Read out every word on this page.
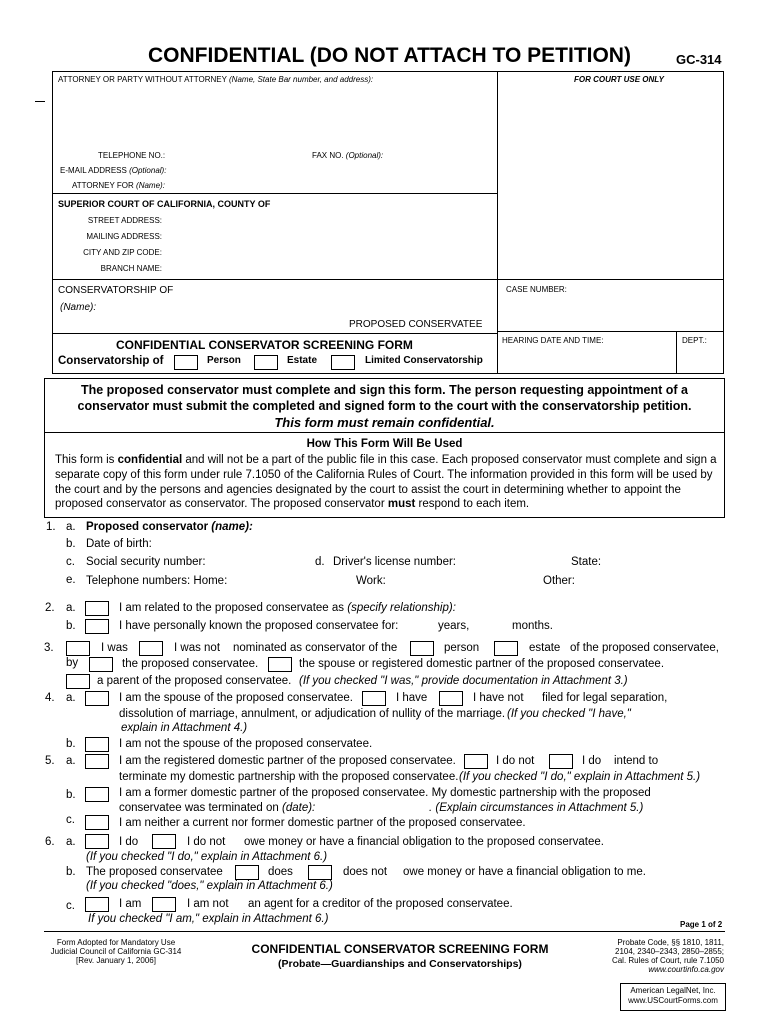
CONFIDENTIAL (DO NOT ATTACH TO PETITION)	GC-314
ATTORNEY OR PARTY WITHOUT ATTORNEY (Name, State Bar number, and address):	FOR COURT USE ONLY
TELEPHONE NO.:	FAX NO. (Optional):
E-MAIL ADDRESS (Optional):
ATTORNEY FOR (Name):
SUPERIOR COURT OF CALIFORNIA, COUNTY OF
STREET ADDRESS:
MAILING ADDRESS:
CITY AND ZIP CODE:
BRANCH NAME:
CONSERVATORSHIP OF
(Name):
PROPOSED CONSERVATEE
CASE NUMBER:
HEARING DATE AND TIME:	DEPT.:
CONFIDENTIAL CONSERVATOR SCREENING FORM
Conservatorship of	Person	Estate	Limited Conservatorship
The proposed conservator must complete and sign this form. The person requesting appointment of a
conservator must submit the completed and signed form to the court with the conservatorship petition.
This form must remain confidential.
How This Form Will Be Used
This form is confidential and will not be a part of the public file in this case. Each proposed conservator must complete and sign a
separate copy of this form under rule 7.1050 of the California Rules of Court. The information provided in this form will be used by
the court and by the persons and agencies designated by the court to assist the court in determining whether to appoint the
proposed conservator as conservator. The proposed conservator must respond to each item.
1. a. Proposed conservator (name):
b. Date of birth:
c. Social security number:	d. Driver's license number:	State:
e. Telephone numbers: Home:	Work:	Other:
2. a.	I am related to the proposed conservatee as (specify relationship):
b.	I have personally known the proposed conservatee for:	years,	months.
3.	I was	I was not nominated as conservator of the	person	estate of the proposed conservatee,
by	the proposed conservatee.	the spouse or registered domestic partner of the proposed conservatee.
a parent of the proposed conservatee. (If you checked "I was," provide documentation in Attachment 3.)
4. a.	I am the spouse of the proposed conservatee.	I have	I have not filed for legal separation,
dissolution of marriage, annulment, or adjudication of nullity of the marriage. (If you checked "I have,"
explain in Attachment 4.)
b.	I am not the spouse of the proposed conservatee.
5. a.	I am the registered domestic partner of the proposed conservatee.	I do not	I do intend to
terminate my domestic partnership with the proposed conservatee. (If you checked "I do," explain in Attachment 5.)
b.	I am a former domestic partner of the proposed conservatee. My domestic partnership with the proposed
conservatee was terminated on (date):	. (Explain circumstances in Attachment 5.)
c.	I am neither a current nor former domestic partner of the proposed conservatee.
6. a.	I do	I do not owe money or have a financial obligation to the proposed conservatee.
(If you checked "I do," explain in Attachment 6.)
b. The proposed conservatee	does	does not owe money or have a financial obligation to me.
(If you checked "does," explain in Attachment 6.)
c.	I am	I am not an agent for a creditor of the proposed conservatee.
If you checked "I am," explain in Attachment 6.)	Page 1 of 2
Form Adopted for Mandatory Use
Judicial Council of California GC-314
[Rev. January 1, 2006]
CONFIDENTIAL CONSERVATOR SCREENING FORM
(Probate—Guardianships and Conservatorships)
Probate Code, §§ 1810, 1811,
2104, 2340–2343, 2850–2855;
Cal. Rules of Court, rule 7.1050
www.courtinfo.ca.gov
American LegalNet, Inc.
www.USCourtForms.com
